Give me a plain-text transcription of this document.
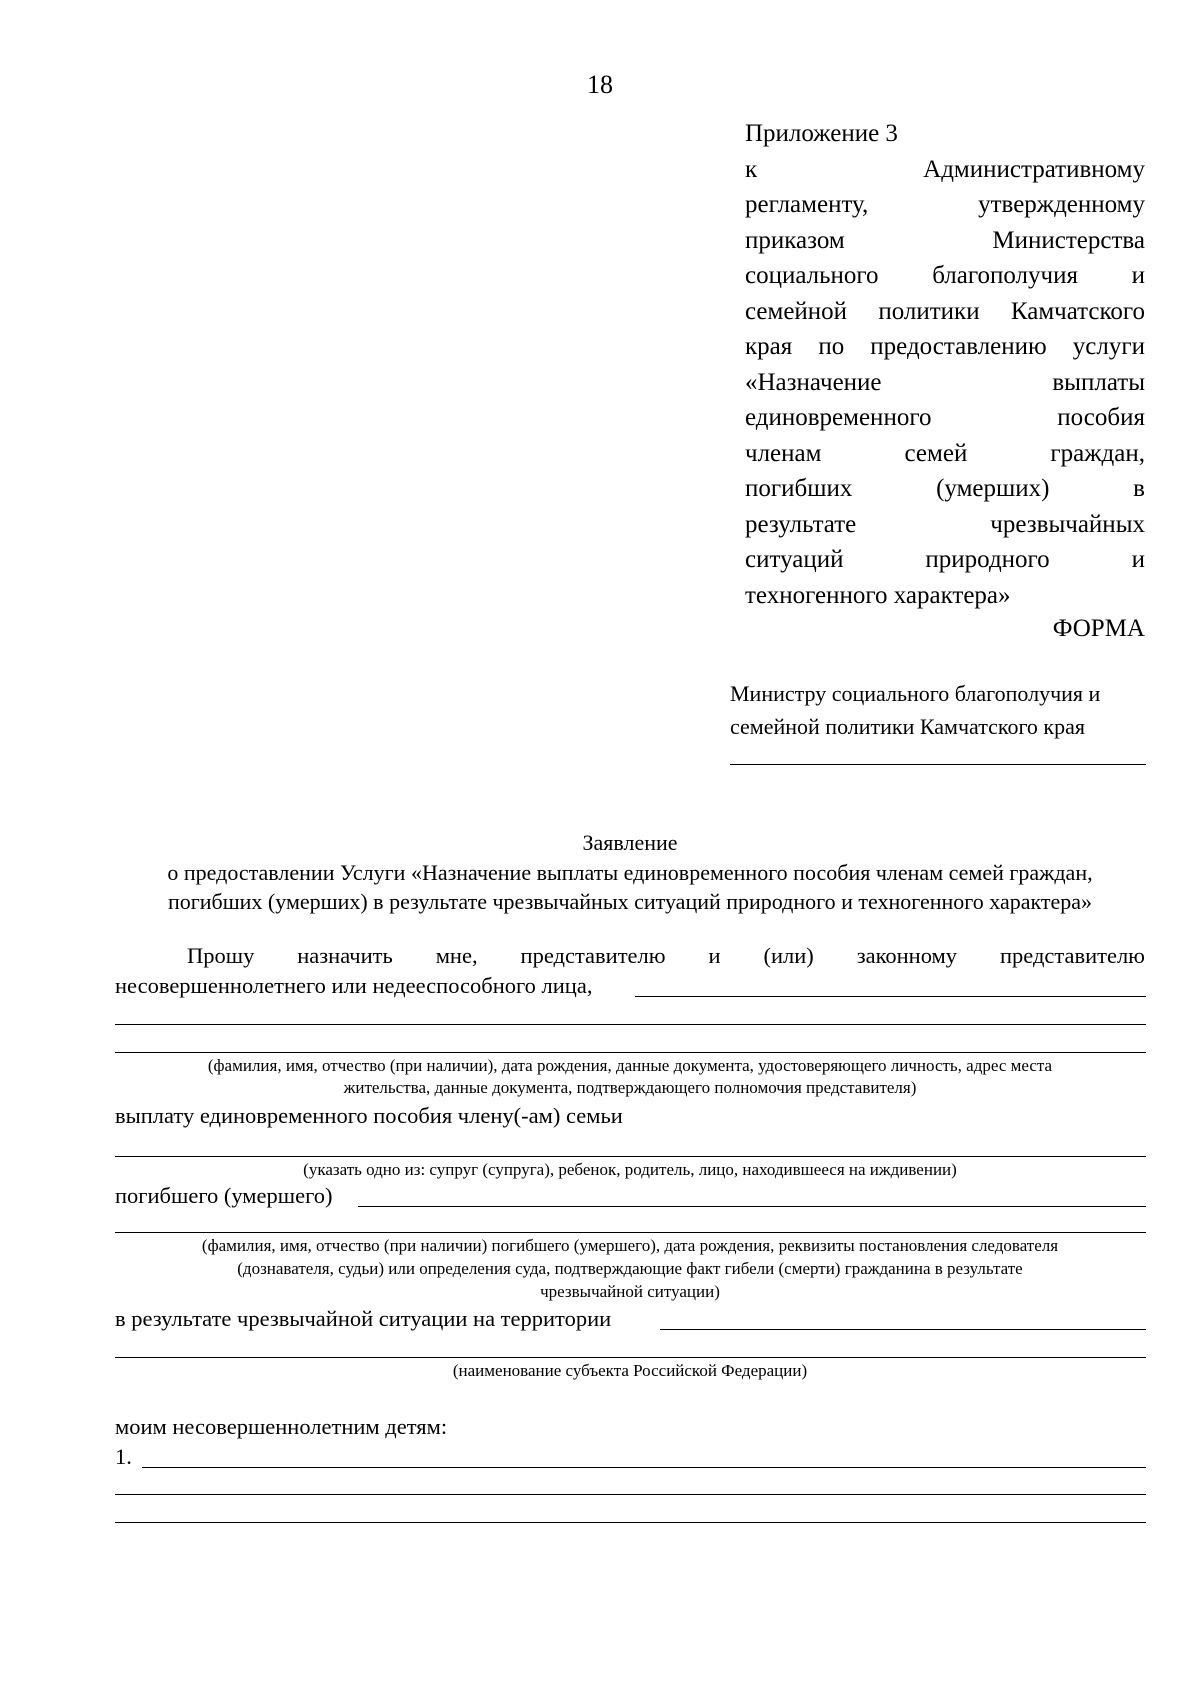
18
Приложение 3
к Административному
регламенту, утвержденному
приказом Министерства
социального благополучия и
семейной политики Камчатского
края по предоставлению услуги
«Назначение выплаты
единовременного пособия
членам семей граждан,
погибших (умерших) в
результате чрезвычайных
ситуаций природного и
техногенного характера»
ФОРМА
Министру социального благополучия и
семейной политики Камчатского края
Заявление
о предоставлении Услуги «Назначение выплаты единовременного пособия членам семей граждан,
погибших (умерших) в результате чрезвычайных ситуаций природного и техногенного характера»
Прошу назначить мне, представителю и (или) законному представителю
несовершеннолетнего или недееспособного лица,
(фамилия, имя, отчество (при наличии), дата рождения, данные документа, удостоверяющего личность, адрес места
жительства, данные документа, подтверждающего полномочия представителя)
выплату единовременного пособия члену(-ам) семьи
(указать одно из: супруг (супруга), ребенок, родитель, лицо, находившееся на иждивении)
погибшего (умершего)
(фамилия, имя, отчество (при наличии) погибшего (умершего), дата рождения, реквизиты постановления следователя
(дознавателя, судьи) или определения суда, подтверждающие факт гибели (смерти) гражданина в результате
чрезвычайной ситуации)
в результате чрезвычайной ситуации на территории
(наименование субъекта Российской Федерации)
моим несовершеннолетним детям:
1.
